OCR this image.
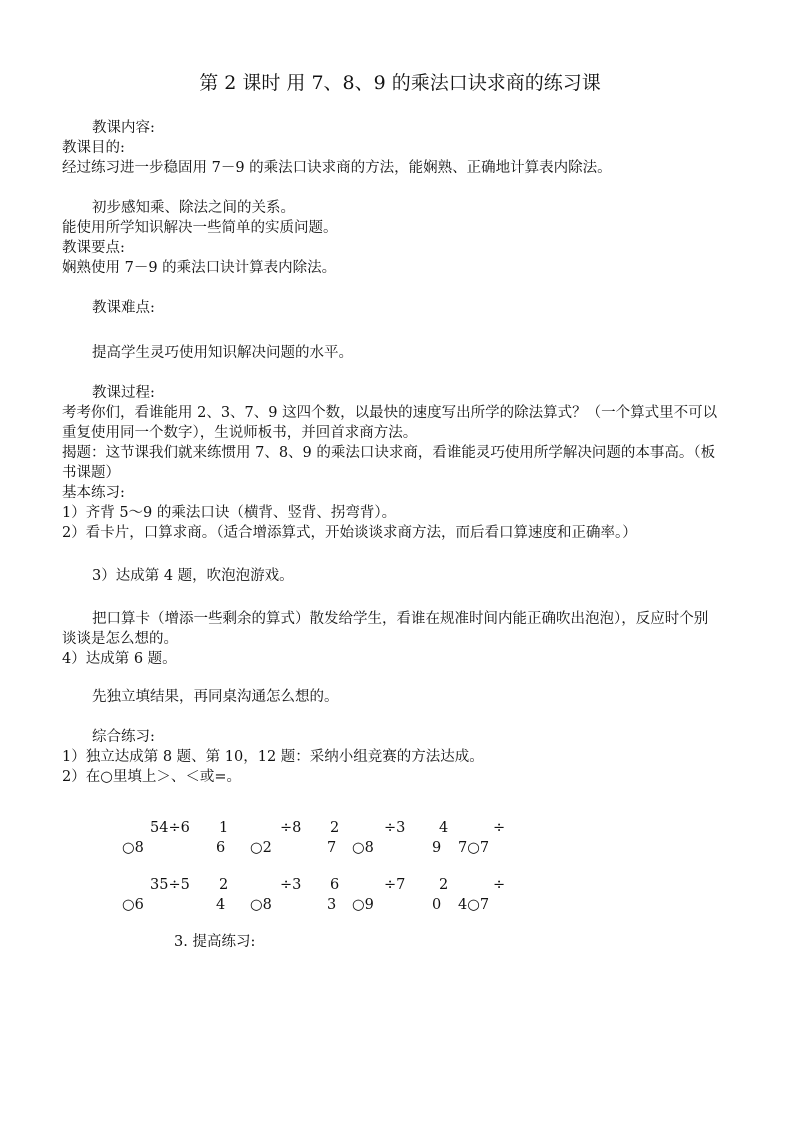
第 2 课时 用 7、8、9 的乘法口诀求商的练习课
教课内容:
教课目的:
经过练习进一步稳固用 7－9 的乘法口诀求商的方法，能娴熟、正确地计算表内除法。
初步感知乘、除法之间的关系。
能使用所学知识解决一些简单的实质问题。
教课要点:
娴熟使用 7－9 的乘法口诀计算表内除法。
教课难点:
提高学生灵巧使用知识解决问题的水平。
教课过程:
考考你们，看谁能用 2、3、7、9 这四个数，以最快的速度写出所学的除法算式？（一个算式里不可以
重复使用同一个数字），生说师板书，并回首求商方法。
揭题：这节课我们就来练惯用 7、8、9 的乘法口诀求商，看谁能灵巧使用所学解决问题的本事高。（板
书课题）
基本练习:
1）齐背 5～9 的乘法口诀（横背、竖背、拐弯背）。
2）看卡片，口算求商。（适合增添算式，开始谈谈求商方法，而后看口算速度和正确率。）
3）达成第 4 题，吹泡泡游戏。
把口算卡（增添一些剩余的算式）散发给学生，看谁在规准时间内能正确吹出泡泡），反应时个别
谈谈是怎么想的。
4）达成第 6 题。
先独立填结果，再同桌沟通怎么想的。
综合练习:
1）独立达成第 8 题、第 10，12 题：采纳小组竞赛的方法达成。
2）在○里填上＞、＜或=。
54÷6 1	÷8 2	÷3 4	÷
○8	6 ○2	7 ○8	9 7○7
35÷5 2	÷3 6	÷7 2	÷
○6	4 ○8	3 ○9	0 4○7
3. 提高练习:
